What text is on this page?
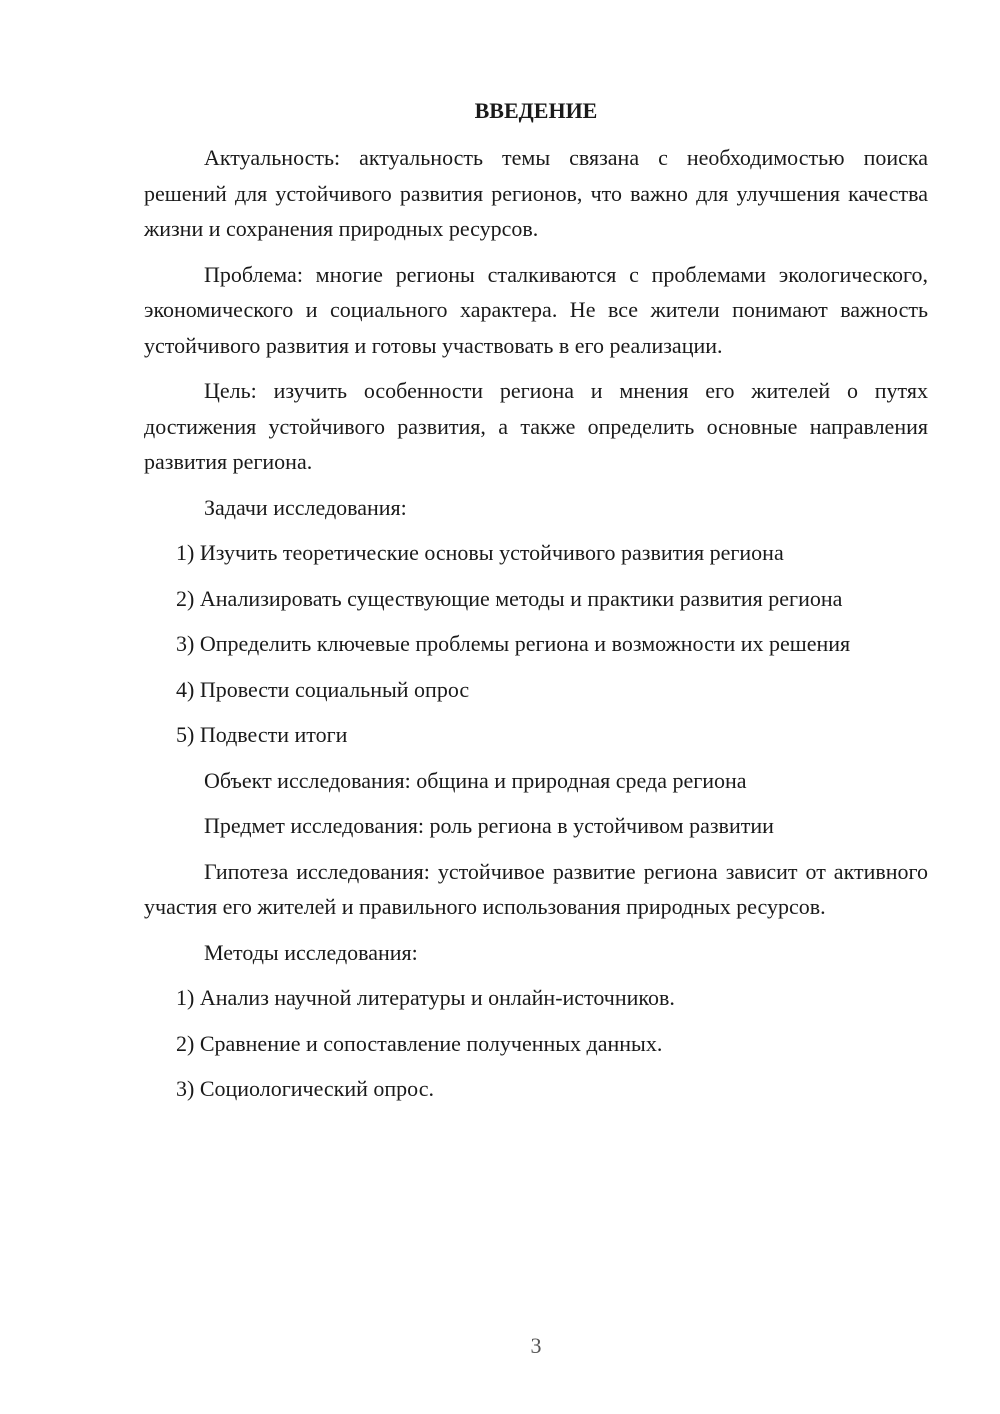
ВВЕДЕНИЕ

Актуальность: актуальность темы связана с необходимостью поиска решений для устойчивого развития регионов, что важно для улучшения качества жизни и сохранения природных ресурсов.

Проблема: многие регионы сталкиваются с проблемами экологического, экономического и социального характера. Не все жители понимают важность устойчивого развития и готовы участвовать в его реализации.

Цель: изучить особенности региона и мнения его жителей о путях достижения устойчивого развития, а также определить основные направления развития региона.

Задачи исследования:

1) Изучить теоретические основы устойчивого развития региона

2) Анализировать существующие методы и практики развития региона

3) Определить ключевые проблемы региона и возможности их решения

4) Провести социальный опрос

5) Подвести итоги

Объект исследования: община и природная среда региона

Предмет исследования: роль региона в устойчивом развитии

Гипотеза исследования: устойчивое развитие региона зависит от активного участия его жителей и правильного использования природных ресурсов.

Методы исследования:

1) Анализ научной литературы и онлайн-источников.

2) Сравнение и сопоставление полученных данных.

3) Социологический опрос.

3
